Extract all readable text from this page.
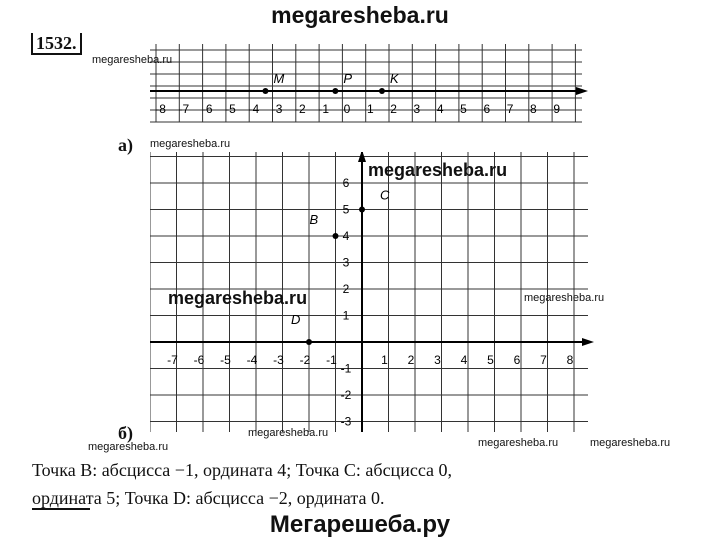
megaresheba.ru
1532.
-8 -7 -6 -5 -4 -3 -2 -1 0 1 2 3 4 5 6 7 8 9
M	P	K
а)
-7 -6 -5 -4 -3 -2 -1	1 2 3 4 5 6 7 8
6
5
4
3
2
1
-1
-2
-3
B
C
D
б)
megaresheba.ru
megaresheba.ru
megaresheba.ru
megaresheba.ru	megaresheba.ru
megaresheba.ru
megaresheba.ru	megaresheba.ru	megaresheba.ru
Точка B: абсцисса −1, ордината 4; Точка C: абсцисса 0,
ордината 5; Точка D: абсцисса −2, ордината 0.
Мегарешеба.ру
